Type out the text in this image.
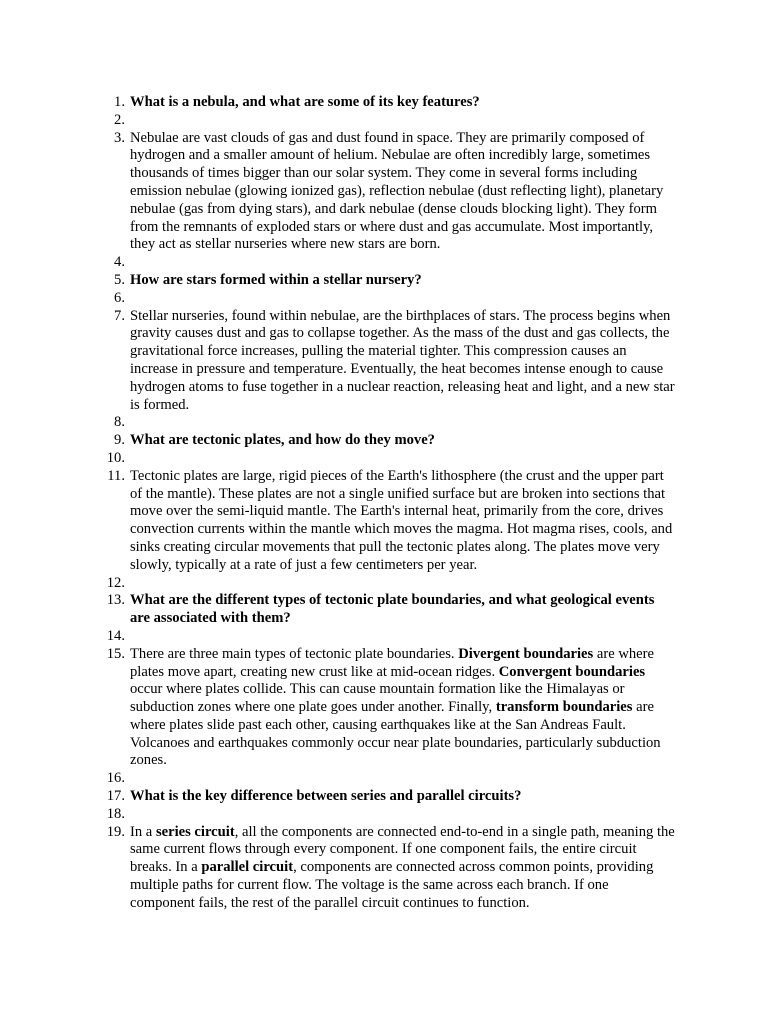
1. What is a nebula, and what are some of its key features?
2.
3. Nebulae are vast clouds of gas and dust found in space. They are primarily composed of hydrogen and a smaller amount of helium. Nebulae are often incredibly large, sometimes thousands of times bigger than our solar system. They come in several forms including emission nebulae (glowing ionized gas), reflection nebulae (dust reflecting light), planetary nebulae (gas from dying stars), and dark nebulae (dense clouds blocking light). They form from the remnants of exploded stars or where dust and gas accumulate. Most importantly, they act as stellar nurseries where new stars are born.
4.
5. How are stars formed within a stellar nursery?
6.
7. Stellar nurseries, found within nebulae, are the birthplaces of stars. The process begins when gravity causes dust and gas to collapse together. As the mass of the dust and gas collects, the gravitational force increases, pulling the material tighter. This compression causes an increase in pressure and temperature. Eventually, the heat becomes intense enough to cause hydrogen atoms to fuse together in a nuclear reaction, releasing heat and light, and a new star is formed.
8.
9. What are tectonic plates, and how do they move?
10.
11. Tectonic plates are large, rigid pieces of the Earth's lithosphere (the crust and the upper part of the mantle). These plates are not a single unified surface but are broken into sections that move over the semi-liquid mantle. The Earth's internal heat, primarily from the core, drives convection currents within the mantle which moves the magma. Hot magma rises, cools, and sinks creating circular movements that pull the tectonic plates along. The plates move very slowly, typically at a rate of just a few centimeters per year.
12.
13. What are the different types of tectonic plate boundaries, and what geological events are associated with them?
14.
15. There are three main types of tectonic plate boundaries. Divergent boundaries are where plates move apart, creating new crust like at mid-ocean ridges. Convergent boundaries occur where plates collide. This can cause mountain formation like the Himalayas or subduction zones where one plate goes under another. Finally, transform boundaries are where plates slide past each other, causing earthquakes like at the San Andreas Fault. Volcanoes and earthquakes commonly occur near plate boundaries, particularly subduction zones.
16.
17. What is the key difference between series and parallel circuits?
18.
19. In a series circuit, all the components are connected end-to-end in a single path, meaning the same current flows through every component. If one component fails, the entire circuit breaks. In a parallel circuit, components are connected across common points, providing multiple paths for current flow. The voltage is the same across each branch. If one component fails, the rest of the parallel circuit continues to function.
